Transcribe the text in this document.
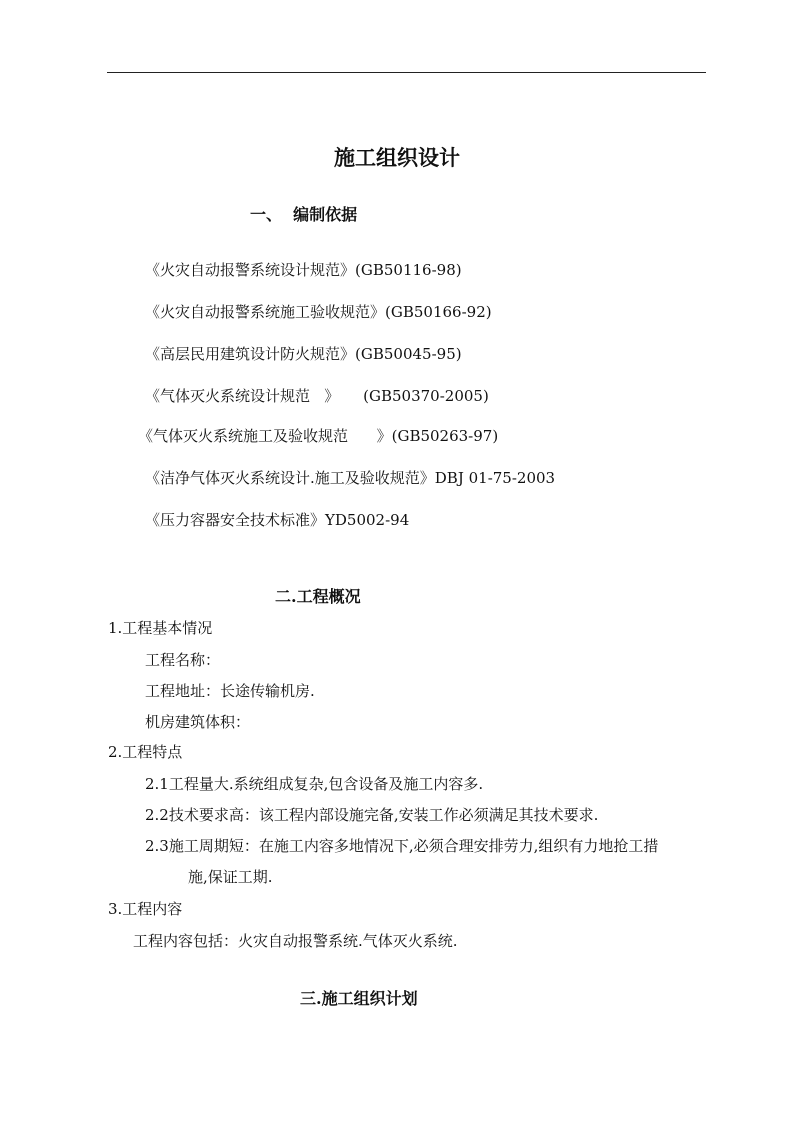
施工组织设计
一、  编制依据
《火灾自动报警系统设计规范》(GB50116-98)
《火灾自动报警系统施工验收规范》(GB50166-92)
《高层民用建筑设计防火规范》(GB50045-95)
《气体灭火系统设计规范   》     (GB50370-2005)
《气体灭火系统施工及验收规范      》(GB50263-97)
《洁净气体灭火系统设计.施工及验收规范》DBJ 01-75-2003
《压力容器安全技术标准》YD5002-94
二.工程概况
1.工程基本情况
工程名称：
工程地址：长途传输机房.
机房建筑体积：
2.工程特点
2.1工程量大.系统组成复杂,包含设备及施工内容多.
2.2技术要求高：该工程内部设施完备,安装工作必须满足其技术要求.
2.3施工周期短：在施工内容多地情况下,必须合理安排劳力,组织有力地抢工措
施,保证工期.
3.工程内容
工程内容包括：火灾自动报警系统.气体灭火系统.
三.施工组织计划
